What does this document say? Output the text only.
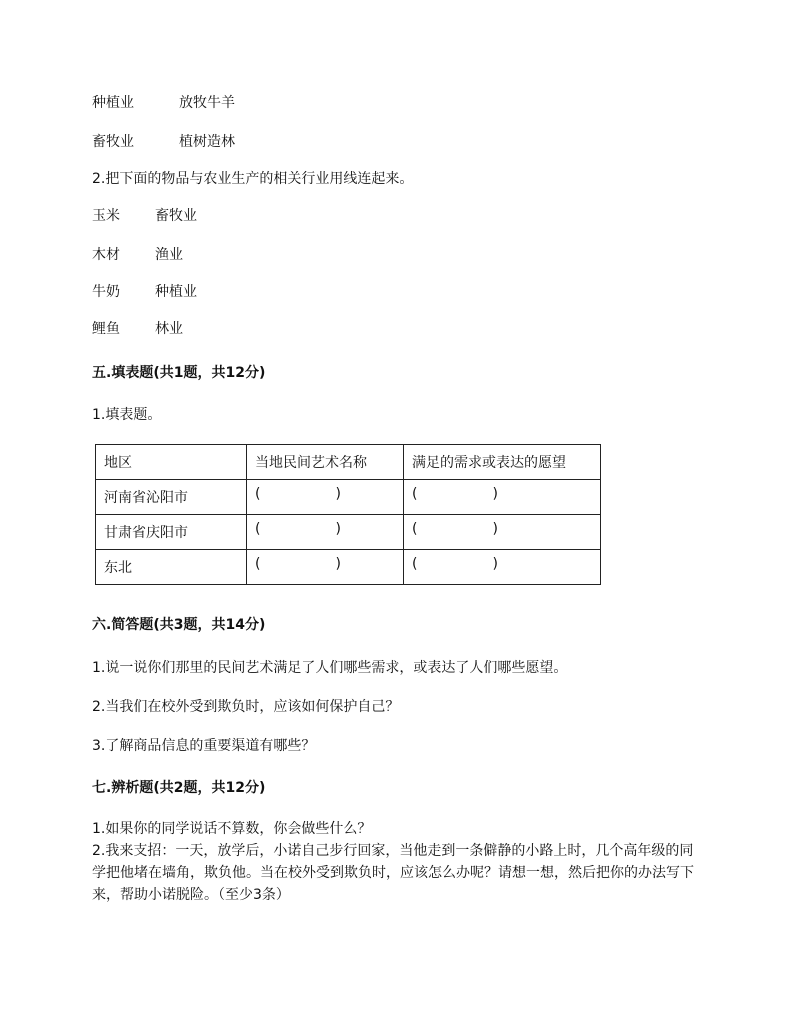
种植业	放牧牛羊
畜牧业	植树造林
2.把下面的物品与农业生产的相关行业用线连起来。
玉米	畜牧业
木材	渔业
牛奶	种植业
鲤鱼	林业
五.填表题(共1题，共12分)
1.填表题。
地区	当地民间艺术名称	满足的需求或表达的愿望
河南省沁阳市	( )	( )

甘肃省庆阳市	( )	( )

东北	( )	( )
六.简答题(共3题，共14分)
1.说一说你们那里的民间艺术满足了人们哪些需求，或表达了人们哪些愿望。
2.当我们在校外受到欺负时，应该如何保护自己？
3.了解商品信息的重要渠道有哪些？
七.辨析题(共2题，共12分)
1.如果你的同学说话不算数，你会做些什么？
2.我来支招：一天，放学后，小诺自己步行回家，当他走到一条僻静的小路上时，几个高年级的同学把他堵在墙角，欺负他。当在校外受到欺负时，应该怎么办呢？请想一想，然后把你的办法写下来，帮助小诺脱险。（至少3条）
